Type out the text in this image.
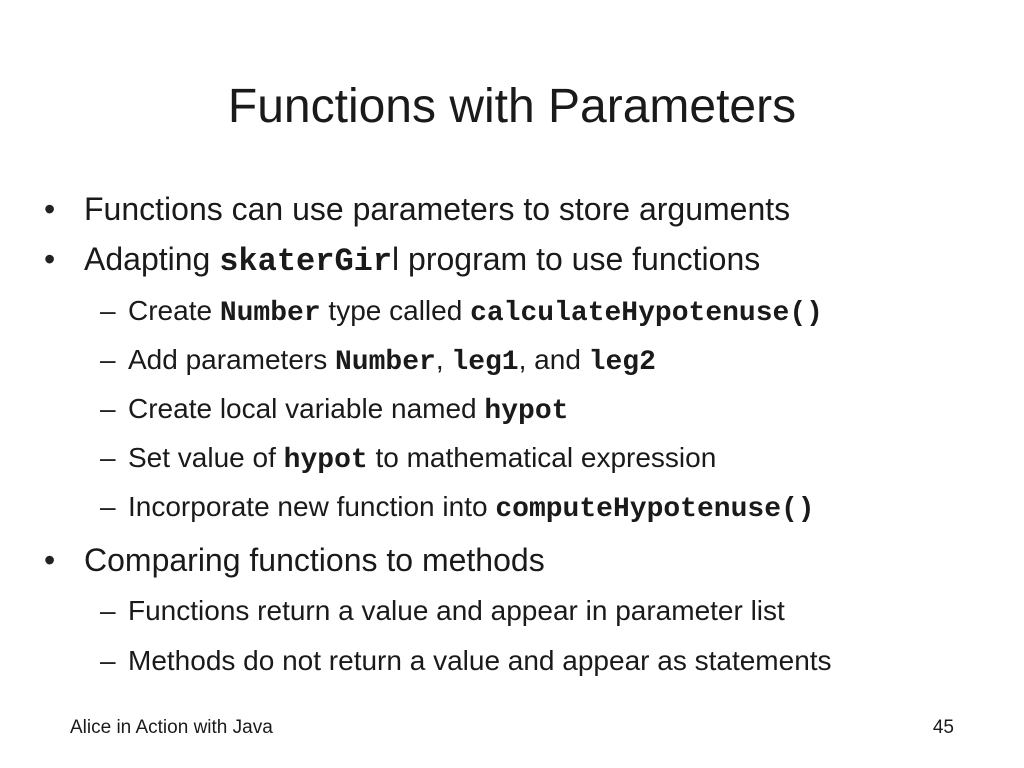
Functions with Parameters
• Functions can use parameters to store arguments
• Adapting skaterGirl program to use functions
– Create Number type called calculateHypotenuse()
– Add parameters Number, leg1, and leg2
– Create local variable named hypot
– Set value of hypot to mathematical expression
– Incorporate new function into computeHypotenuse()
• Comparing functions to methods
– Functions return a value and appear in parameter list
– Methods do not return a value and appear as statements
Alice in Action with Java	45
